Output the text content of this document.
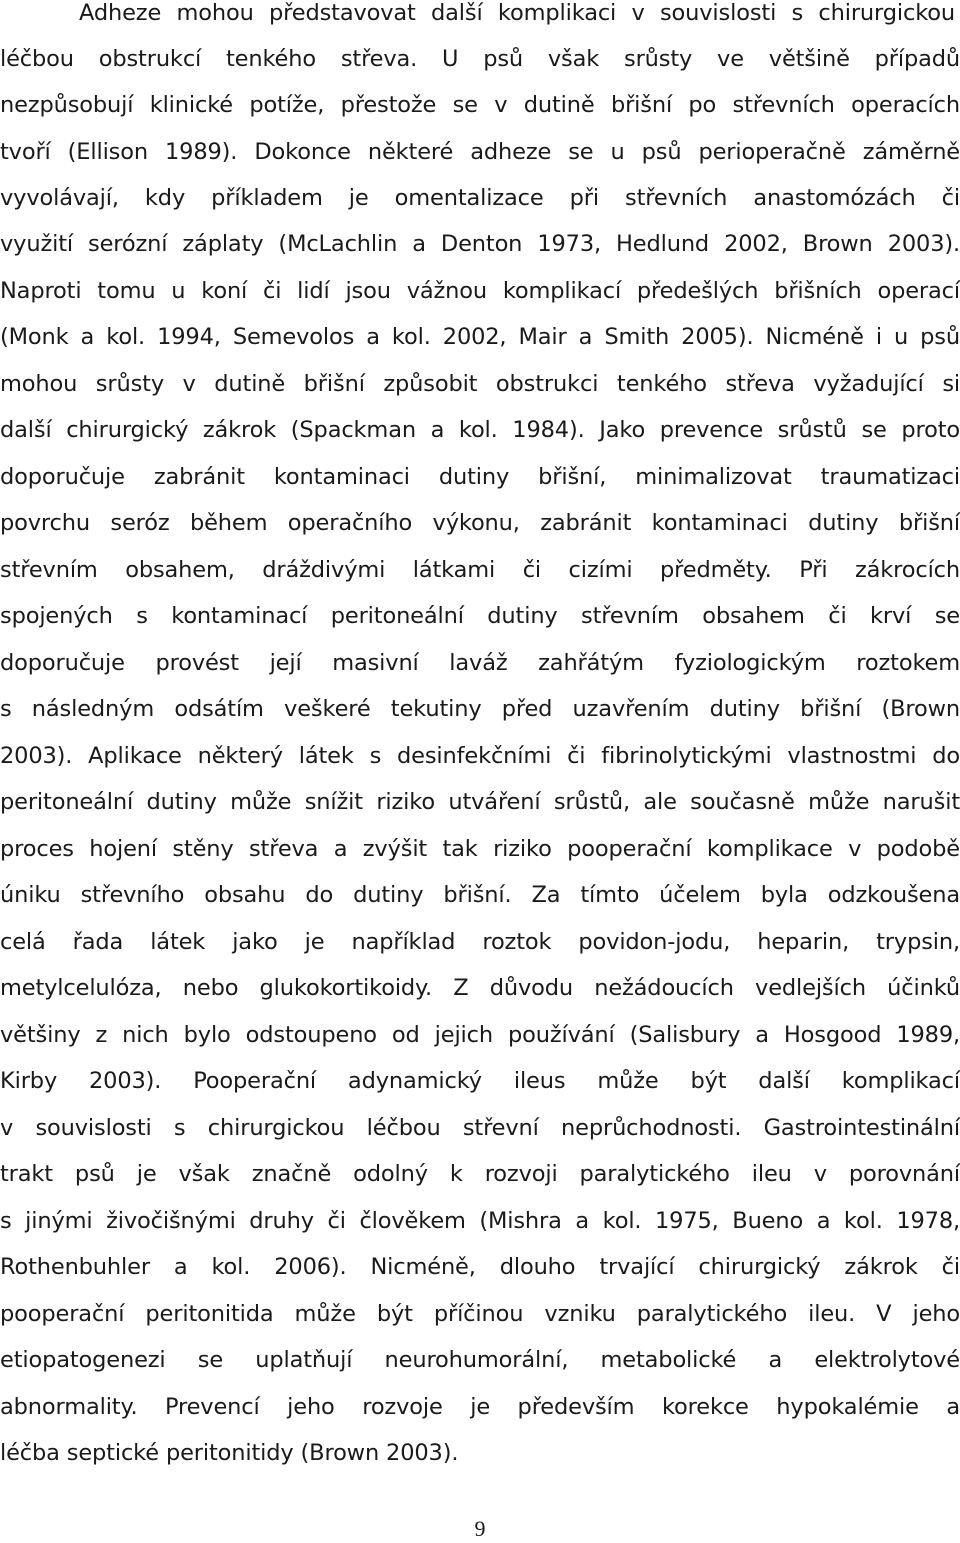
Adheze mohou představovat další komplikaci v souvislosti s chirurgickou
léčbou obstrukcí tenkého střeva. U psů však srůsty ve většině případů
nezpůsobují klinické potíže, přestože se v dutině břišní po střevních operacích
tvoří (Ellison 1989). Dokonce některé adheze se u psů perioperačně záměrně
vyvolávají, kdy příkladem je omentalizace při střevních anastomózách či
využití serózní záplaty (McLachlin a Denton 1973, Hedlund 2002, Brown 2003).
Naproti tomu u koní či lidí jsou vážnou komplikací předešlých břišních operací
(Monk a kol. 1994, Semevolos a kol. 2002, Mair a Smith 2005). Nicméně i u psů
mohou srůsty v dutině břišní způsobit obstrukci tenkého střeva vyžadující si
další chirurgický zákrok (Spackman a kol. 1984). Jako prevence srůstů se proto
doporučuje zabránit kontaminaci dutiny břišní, minimalizovat traumatizaci
povrchu seróz během operačního výkonu, zabránit kontaminaci dutiny břišní
střevním obsahem, dráždivými látkami či cizími předměty. Při zákrocích
spojených s kontaminací peritoneální dutiny střevním obsahem či krví se
doporučuje provést její masivní laváž zahřátým fyziologickým roztokem
s následným odsátím veškeré tekutiny před uzavřením dutiny břišní (Brown
2003). Aplikace některý látek s desinfekčními či fibrinolytickými vlastnostmi do
peritoneální dutiny může snížit riziko utváření srůstů, ale současně může narušit
proces hojení stěny střeva a zvýšit tak riziko pooperační komplikace v podobě
úniku střevního obsahu do dutiny břišní. Za tímto účelem byla odzkoušena
celá řada látek jako je například roztok povidon-jodu, heparin, trypsin,
metylcelulóza, nebo glukokortikoidy. Z důvodu nežádoucích vedlejších účinků
většiny z nich bylo odstoupeno od jejich používání (Salisbury a Hosgood 1989,
Kirby 2003). Pooperační adynamický ileus může být další komplikací
v souvislosti s chirurgickou léčbou střevní neprůchodnosti. Gastrointestinální
trakt psů je však značně odolný k rozvoji paralytického ileu v porovnání
s jinými živočišnými druhy či člověkem (Mishra a kol. 1975, Bueno a kol. 1978,
Rothenbuhler a kol. 2006). Nicméně, dlouho trvající chirurgický zákrok či
pooperační peritonitida může být příčinou vzniku paralytického ileu. V jeho
etiopatogenezi se uplatňují neurohumorální, metabolické a elektrolytové
abnormality. Prevencí jeho rozvoje je především korekce hypokalémie a
léčba septické peritonitidy (Brown 2003).
9
